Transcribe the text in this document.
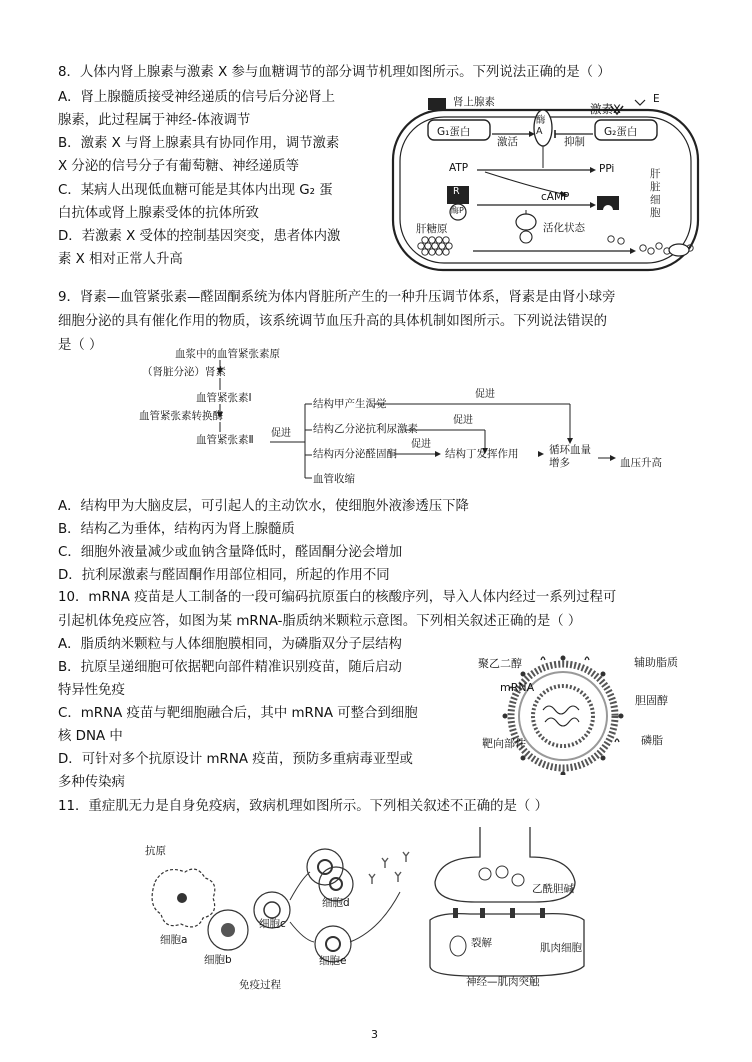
8．人体内肾上腺素与激素 X 参与血糖调节的部分调节机理如图所示。下列说法正确的是（ ）
A．肾上腺髓质接受神经递质的信号后分泌肾上
腺素，此过程属于神经-体液调节
B．激素 X 与肾上腺素具有协同作用，调节激素
X 分泌的信号分子有葡萄糖、神经递质等
C．某病人出现低血糖可能是其体内出现 G₂ 蛋
白抗体或肾上腺素受体的抗体所致
D．若激素 X 受体的控制基因突变，患者体内激
素 X 相对正常人升高
肾上腺素	激素X
E
G₁蛋白	G₂蛋白
酶A
激活	抑制
ATP	PPi
cAMP
R
酶P
肝糖原	活化状态
肝脏细胞
9．肾素—血管紧张素—醛固酮系统为体内肾脏所产生的一种升压调节体系，肾素是由肾小球旁
细胞分泌的具有催化作用的物质，该系统调节血压升高的具体机制如图所示。下列说法错误的
是（ ）
血浆中的血管紧张素原
（肾脏分泌）肾素
血管紧张素Ⅰ
血管紧张素转换酶
血管紧张素Ⅱ
促进
结构甲产生渴觉
结构乙分泌抗利尿激素
结构丙分泌醛固酮
血管收缩
促进
促进
促进
结构丁发挥作用	循环血量增多	血压升高
A．结构甲为大脑皮层，可引起人的主动饮水，使细胞外液渗透压下降
B．结构乙为垂体，结构丙为肾上腺髓质
C．细胞外液量减少或血钠含量降低时，醛固酮分泌会增加
D．抗利尿激素与醛固酮作用部位相同，所起的作用不同
10．mRNA 疫苗是人工制备的一段可编码抗原蛋白的核酸序列，导入人体内经过一系列过程可
引起机体免疫应答，如图为某 mRNA-脂质纳米颗粒示意图。下列相关叙述正确的是（ ）
A．脂质纳米颗粒与人体细胞膜相同，为磷脂双分子层结构
B．抗原呈递细胞可依据靶向部件精准识别疫苗，随后启动
特异性免疫
C．mRNA 疫苗与靶细胞融合后，其中 mRNA 可整合到细胞
核 DNA 中
D．可针对多个抗原设计 mRNA 疫苗，预防多重病毒亚型或
多种传染病
聚乙二醇	辅助脂质
mRNA
胆固醇
靶向部件	磷脂
11．重症肌无力是自身免疫病，致病机理如图所示。下列相关叙述不正确的是（ ）
抗原
细胞a
细胞b
细胞c
细胞d
细胞e
免疫过程
乙酰胆碱
裂解	肌肉细胞
神经—肌肉突触
3
